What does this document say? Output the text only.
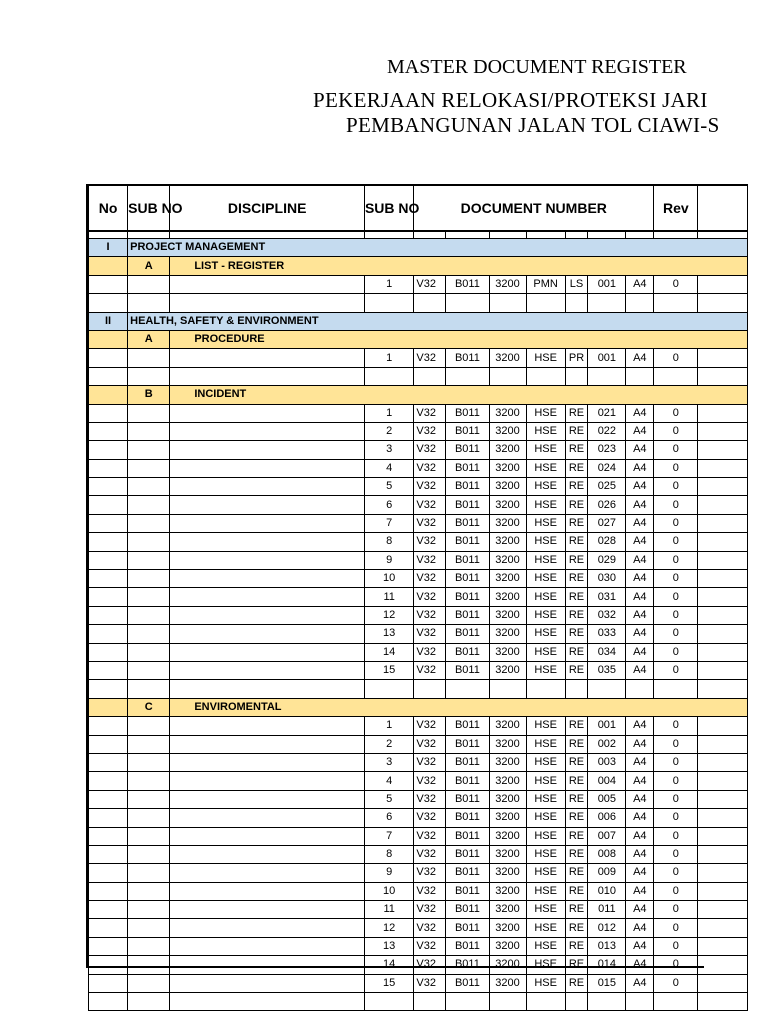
MASTER DOCUMENT REGISTER
PEKERJAAN RELOKASI/PROTEKSI JARI
PEMBANGUNAN JALAN TOL CIAWI-S
No	SUB NO	DISCIPLINE	SUB NO	DOCUMENT NUMBER							Rev	

I	PROJECT MANAGEMENT											
	A	LIST - REGISTER										
			1	V32	B011	3200	PMN	LS	001	A4	0	

II	HEALTH, SAFETY & ENVIRONMENT											
	A	PROCEDURE										
			1	V32	B011	3200	HSE	PR	001	A4	0	

	B	INCIDENT										
			1	V32	B011	3200	HSE	RE	021	A4	0	
			2	V32	B011	3200	HSE	RE	022	A4	0	
			3	V32	B011	3200	HSE	RE	023	A4	0	
			4	V32	B011	3200	HSE	RE	024	A4	0	
			5	V32	B011	3200	HSE	RE	025	A4	0	
			6	V32	B011	3200	HSE	RE	026	A4	0	
			7	V32	B011	3200	HSE	RE	027	A4	0	
			8	V32	B011	3200	HSE	RE	028	A4	0	
			9	V32	B011	3200	HSE	RE	029	A4	0	
			10	V32	B011	3200	HSE	RE	030	A4	0	
			11	V32	B011	3200	HSE	RE	031	A4	0	
			12	V32	B011	3200	HSE	RE	032	A4	0	
			13	V32	B011	3200	HSE	RE	033	A4	0	
			14	V32	B011	3200	HSE	RE	034	A4	0	
			15	V32	B011	3200	HSE	RE	035	A4	0	

	C	ENVIROMENTAL										
			1	V32	B011	3200	HSE	RE	001	A4	0	
			2	V32	B011	3200	HSE	RE	002	A4	0	
			3	V32	B011	3200	HSE	RE	003	A4	0	
			4	V32	B011	3200	HSE	RE	004	A4	0	
			5	V32	B011	3200	HSE	RE	005	A4	0	
			6	V32	B011	3200	HSE	RE	006	A4	0	
			7	V32	B011	3200	HSE	RE	007	A4	0	
			8	V32	B011	3200	HSE	RE	008	A4	0	
			9	V32	B011	3200	HSE	RE	009	A4	0	
			10	V32	B011	3200	HSE	RE	010	A4	0	
			11	V32	B011	3200	HSE	RE	011	A4	0	
			12	V32	B011	3200	HSE	RE	012	A4	0	
			13	V32	B011	3200	HSE	RE	013	A4	0	
			14	V32	B011	3200	HSE	RE	014	A4	0	
			15	V32	B011	3200	HSE	RE	015	A4	0	
